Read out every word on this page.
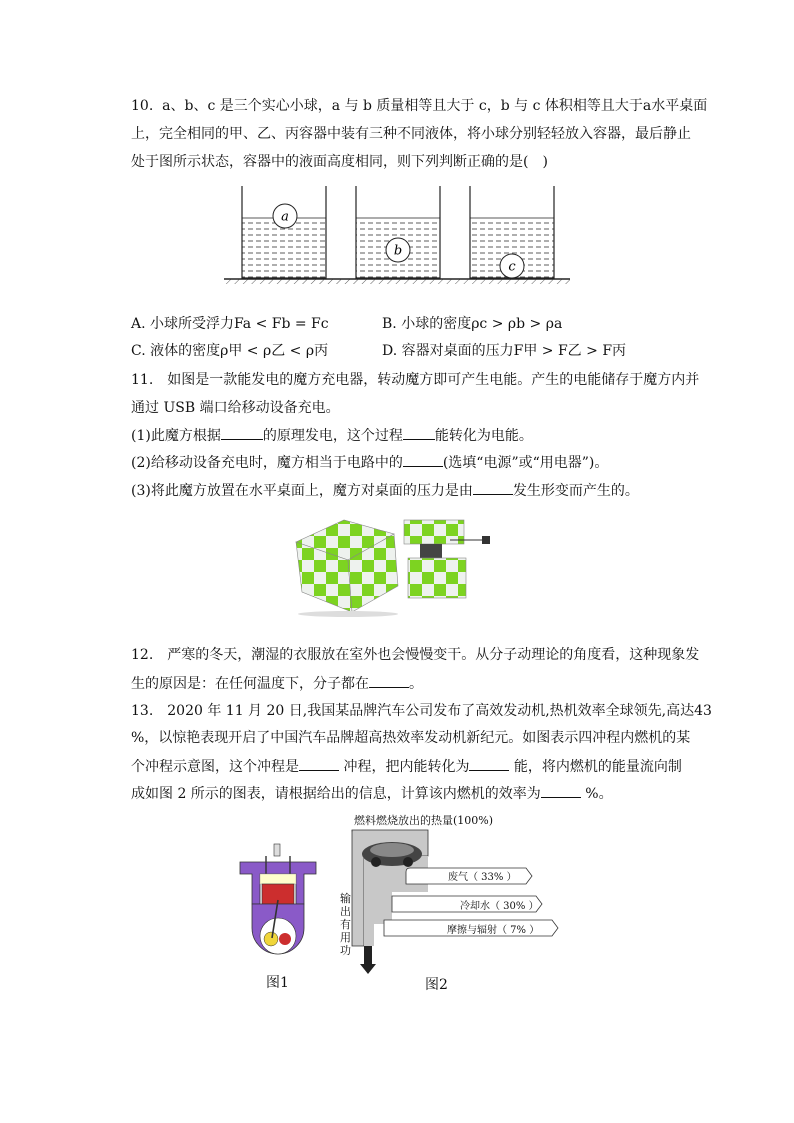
10. a、b、c 是三个实心小球，a 与 b 质量相等且大于 c，b 与 c 体积相等且大于a水平桌面
上，完全相同的甲、乙、丙容器中装有三种不同液体，将小球分别轻轻放入容器，最后静止
处于图所示状态，容器中的液面高度相同，则下列判断正确的是(　)
a
b
c
A. 小球所受浮力Fa < Fb = Fc	B. 小球的密度ρc > ρb > ρa
C. 液体的密度ρ甲 < ρ乙 < ρ丙	D. 容器对桌面的压力F甲 > F乙 > F丙
11.　如图是一款能发电的魔方充电器，转动魔方即可产生电能。产生的电能储存于魔方内并
通过 USB 端口给移动设备充电。
(1)此魔方根据	的原理发电，这个过程 能转化为电能。
(2)给移动设备充电时，魔方相当于电路中的	(选填“电源”或“用电器”)。
(3)将此魔方放置在水平桌面上，魔方对桌面的压力是由	发生形变而产生的。
12.　严寒的冬天，潮湿的衣服放在室外也会慢慢变干。从分子动理论的角度看，这种现象发
生的原因是：在任何温度下，分子都在	。
13.　2020 年 11 月 20 日,我国某品牌汽车公司发布了高效发动机,热机效率全球领先,高达43
%，以惊艳表现开启了中国汽车品牌超高热效率发动机新纪元。如图表示四冲程内燃机的某
个冲程示意图，这个冲程是	冲程，把内能转化为	能，将内燃机的能量流向制
成如图 2 所示的图表，请根据给出的信息，计算该内燃机的效率为	%。
图1
燃料燃烧放出的热量(100%)
废气（ 33% ）
冷却水（ 30% ）
摩擦与辐射（ 7% ）
输
出
有
用
功
图2
